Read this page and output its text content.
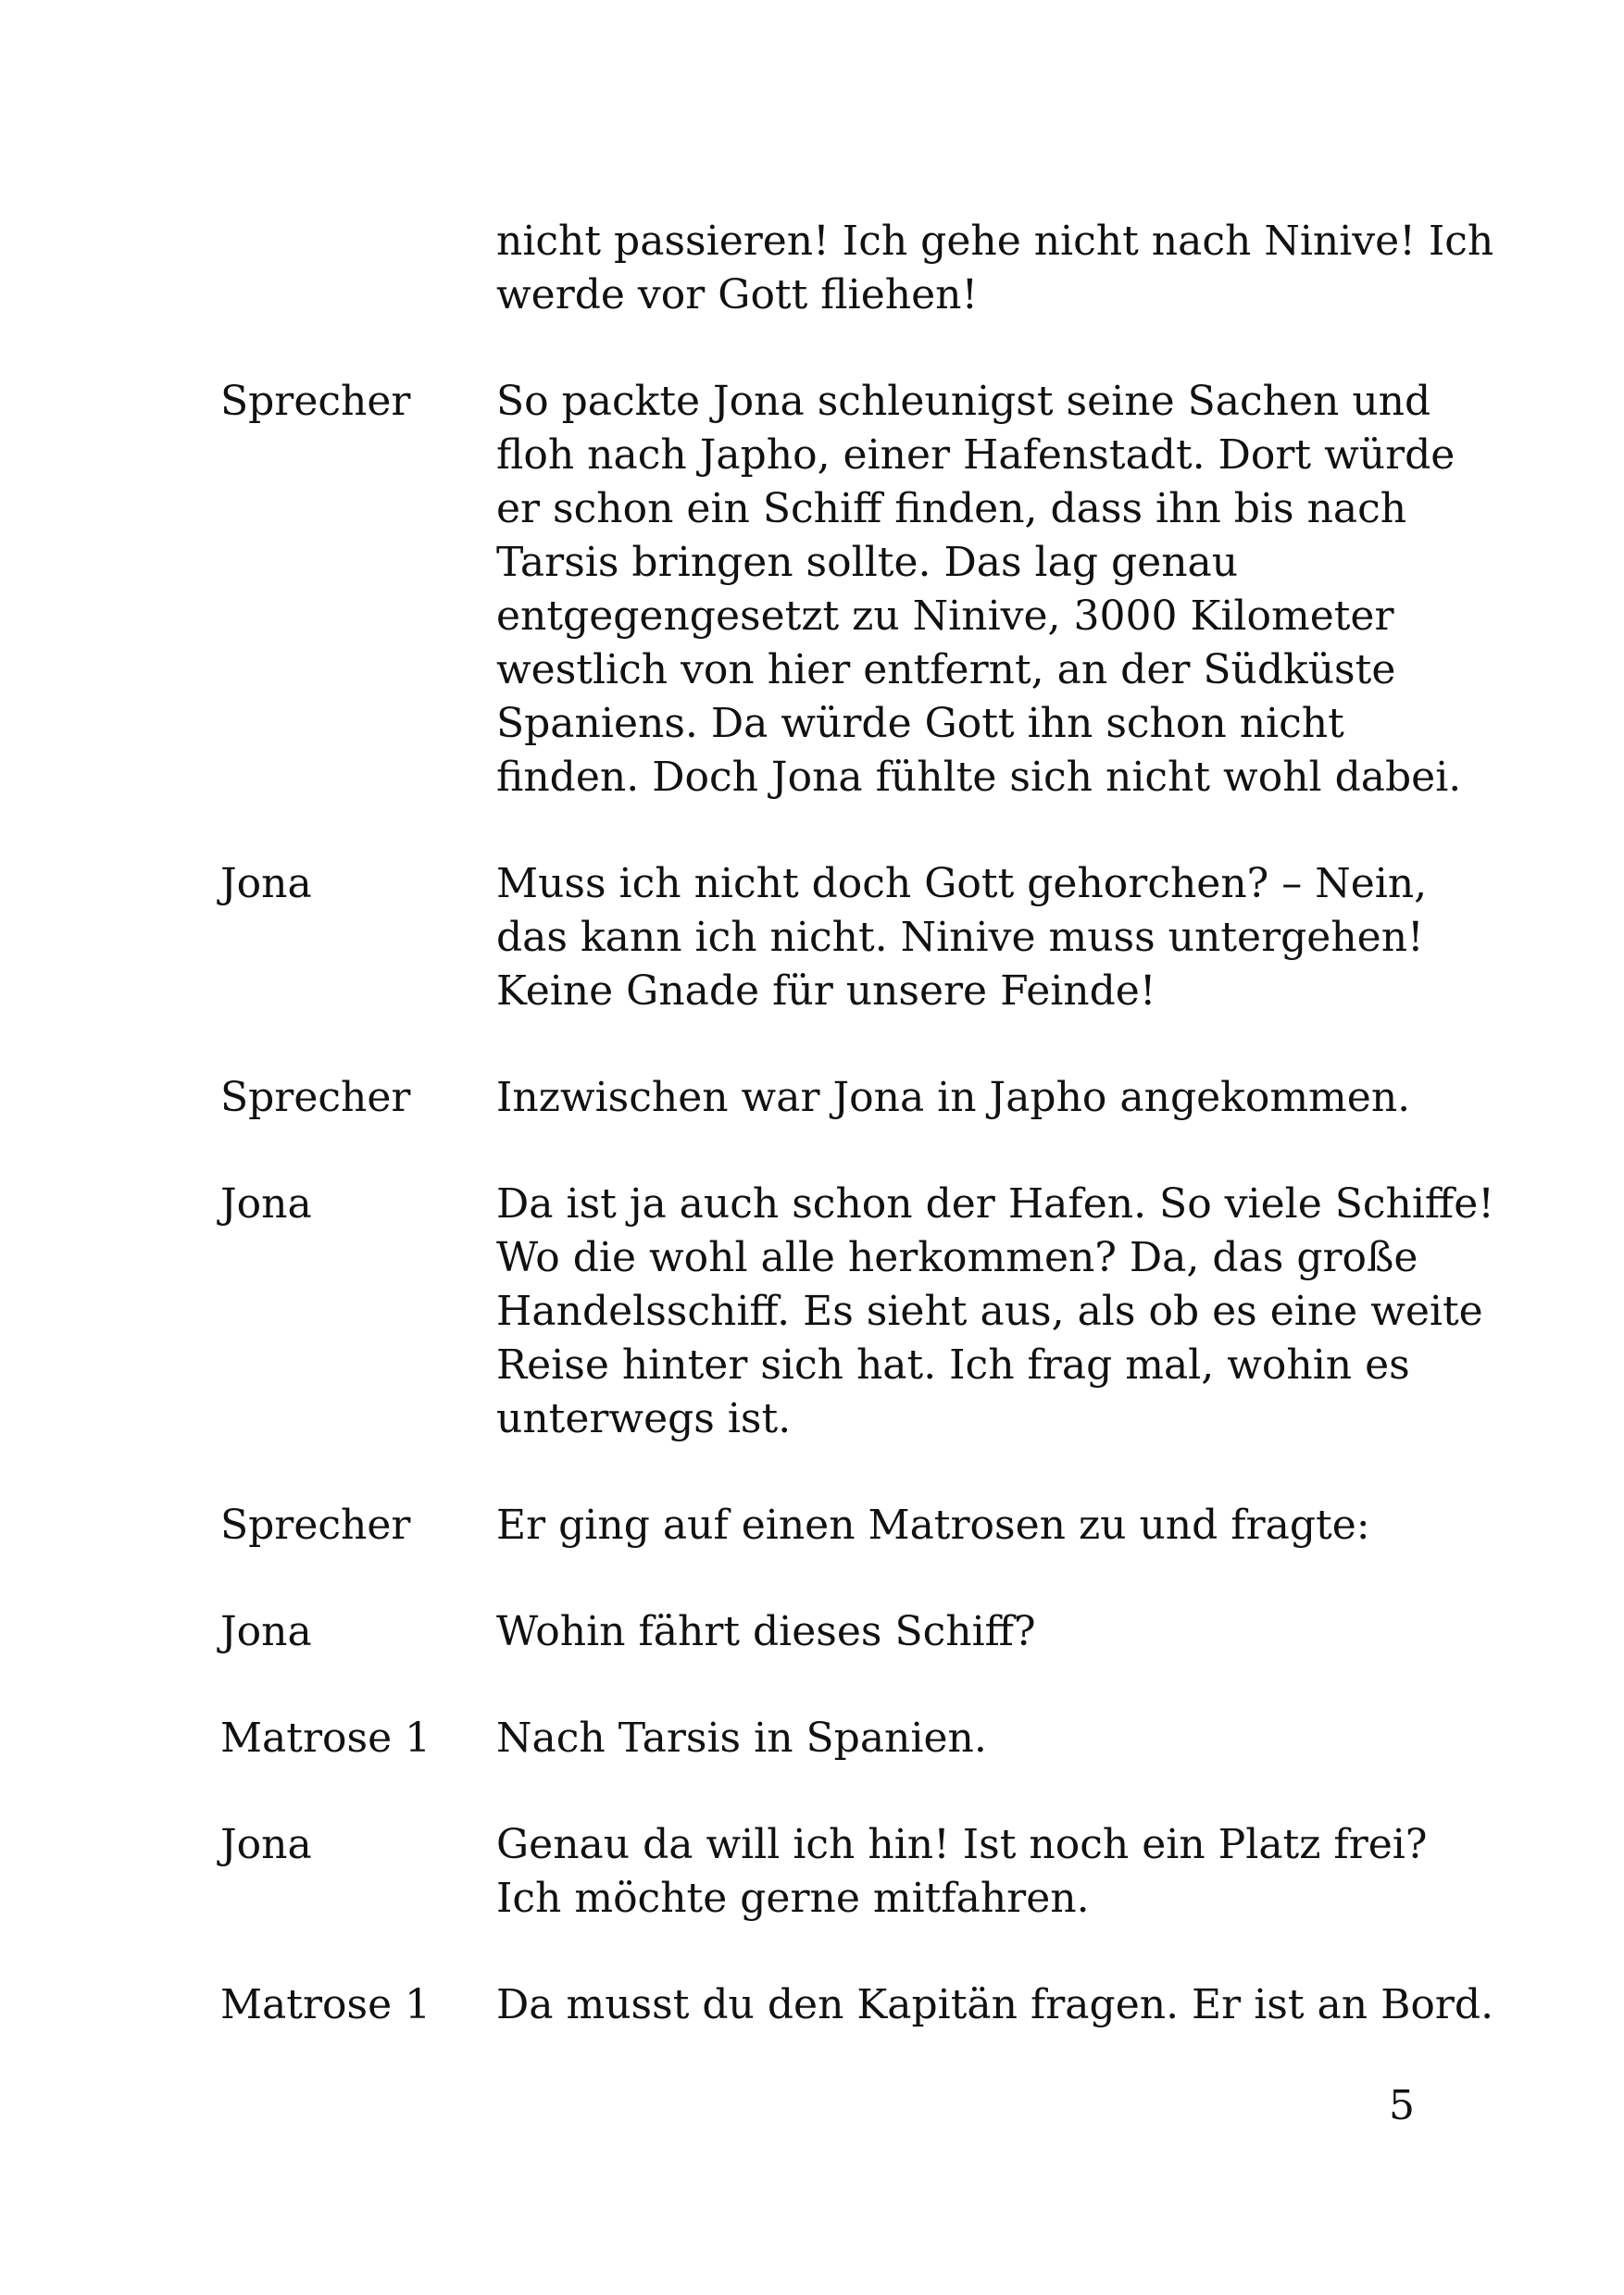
nicht passieren! Ich gehe nicht nach Ninive! Ich
werde vor Gott fliehen!
Sprecher	So packte Jona schleunigst seine Sachen und
floh nach Japho, einer Hafenstadt. Dort würde
er schon ein Schiff finden, dass ihn bis nach
Tarsis bringen sollte. Das lag genau
entgegengesetzt zu Ninive, 3000 Kilometer
westlich von hier entfernt, an der Südküste
Spaniens. Da würde Gott ihn schon nicht
finden. Doch Jona fühlte sich nicht wohl dabei.
Jona	Muss ich nicht doch Gott gehorchen? – Nein,
das kann ich nicht. Ninive muss untergehen!
Keine Gnade für unsere Feinde!
Sprecher	Inzwischen war Jona in Japho angekommen.
Jona	Da ist ja auch schon der Hafen. So viele Schiffe!
Wo die wohl alle herkommen? Da, das große
Handelsschiff. Es sieht aus, als ob es eine weite
Reise hinter sich hat. Ich frag mal, wohin es
unterwegs ist.
Sprecher	Er ging auf einen Matrosen zu und fragte:
Jona	Wohin fährt dieses Schiff?
Matrose 1	Nach Tarsis in Spanien.
Jona	Genau da will ich hin! Ist noch ein Platz frei?
Ich möchte gerne mitfahren.
Matrose 1	Da musst du den Kapitän fragen. Er ist an Bord.
5
